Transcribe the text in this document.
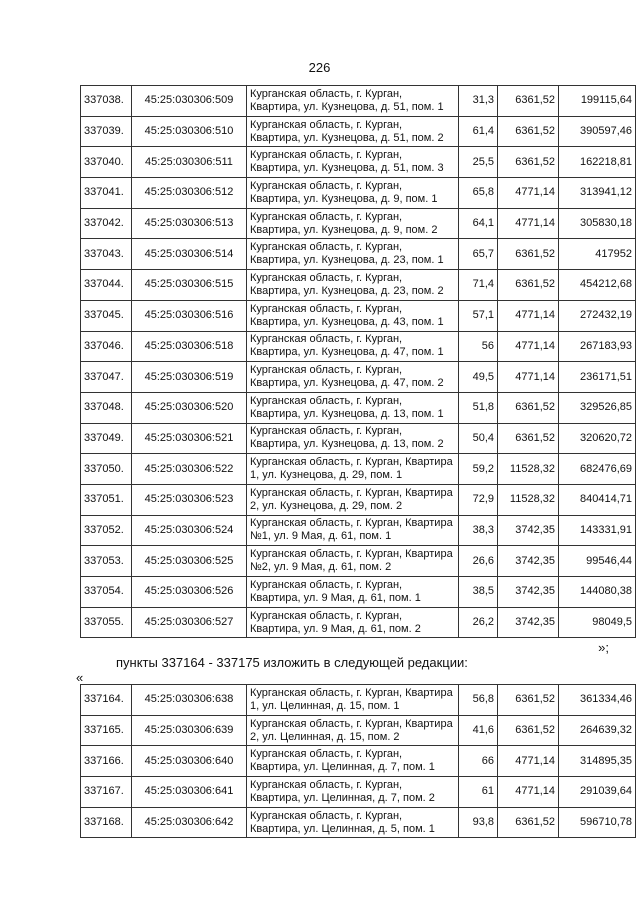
226
337038.	45:25:030306:509	Курганская область, г. Курган, Квартира, ул. Кузнецова, д. 51, пом. 1	31,3	6361,52	199115,64
337039.	45:25:030306:510	Курганская область, г. Курган, Квартира, ул. Кузнецова, д. 51, пом. 2	61,4	6361,52	390597,46
337040.	45:25:030306:511	Курганская область, г. Курган, Квартира, ул. Кузнецова, д. 51, пом. 3	25,5	6361,52	162218,81
337041.	45:25:030306:512	Курганская область, г. Курган, Квартира, ул. Кузнецова, д. 9, пом. 1	65,8	4771,14	313941,12
337042.	45:25:030306:513	Курганская область, г. Курган, Квартира, ул. Кузнецова, д. 9, пом. 2	64,1	4771,14	305830,18
337043.	45:25:030306:514	Курганская область, г. Курган, Квартира, ул. Кузнецова, д. 23, пом. 1	65,7	6361,52	417952
337044.	45:25:030306:515	Курганская область, г. Курган, Квартира, ул. Кузнецова, д. 23, пом. 2	71,4	6361,52	454212,68
337045.	45:25:030306:516	Курганская область, г. Курган, Квартира, ул. Кузнецова, д. 43, пом. 1	57,1	4771,14	272432,19
337046.	45:25:030306:518	Курганская область, г. Курган, Квартира, ул. Кузнецова, д. 47, пом. 1	56	4771,14	267183,93
337047.	45:25:030306:519	Курганская область, г. Курган, Квартира, ул. Кузнецова, д. 47, пом. 2	49,5	4771,14	236171,51
337048.	45:25:030306:520	Курганская область, г. Курган, Квартира, ул. Кузнецова, д. 13, пом. 1	51,8	6361,52	329526,85
337049.	45:25:030306:521	Курганская область, г. Курган, Квартира, ул. Кузнецова, д. 13, пом. 2	50,4	6361,52	320620,72
337050.	45:25:030306:522	Курганская область, г. Курган, Квартира 1, ул. Кузнецова, д. 29, пом. 1	59,2	11528,32	682476,69
337051.	45:25:030306:523	Курганская область, г. Курган, Квартира 2, ул. Кузнецова, д. 29, пом. 2	72,9	11528,32	840414,71
337052.	45:25:030306:524	Курганская область, г. Курган, Квартира №1, ул. 9 Мая, д. 61, пом. 1	38,3	3742,35	143331,91
337053.	45:25:030306:525	Курганская область, г. Курган, Квартира №2, ул. 9 Мая, д. 61, пом. 2	26,6	3742,35	99546,44
337054.	45:25:030306:526	Курганская область, г. Курган, Квартира, ул. 9 Мая, д. 61, пом. 1	38,5	3742,35	144080,38
337055.	45:25:030306:527	Курганская область, г. Курган, Квартира, ул. 9 Мая, д. 61, пом. 2	26,2	3742,35	98049,5
»;
пункты 337164 - 337175 изложить в следующей редакции:
«
337164.	45:25:030306:638	Курганская область, г. Курган, Квартира 1, ул. Целинная, д. 15, пом. 1	56,8	6361,52	361334,46
337165.	45:25:030306:639	Курганская область, г. Курган, Квартира 2, ул. Целинная, д. 15, пом. 2	41,6	6361,52	264639,32
337166.	45:25:030306:640	Курганская область, г. Курган, Квартира, ул. Целинная, д. 7, пом. 1	66	4771,14	314895,35
337167.	45:25:030306:641	Курганская область, г. Курган, Квартира, ул. Целинная, д. 7, пом. 2	61	4771,14	291039,64
337168.	45:25:030306:642	Курганская область, г. Курган, Квартира, ул. Целинная, д. 5, пом. 1	93,8	6361,52	596710,78
